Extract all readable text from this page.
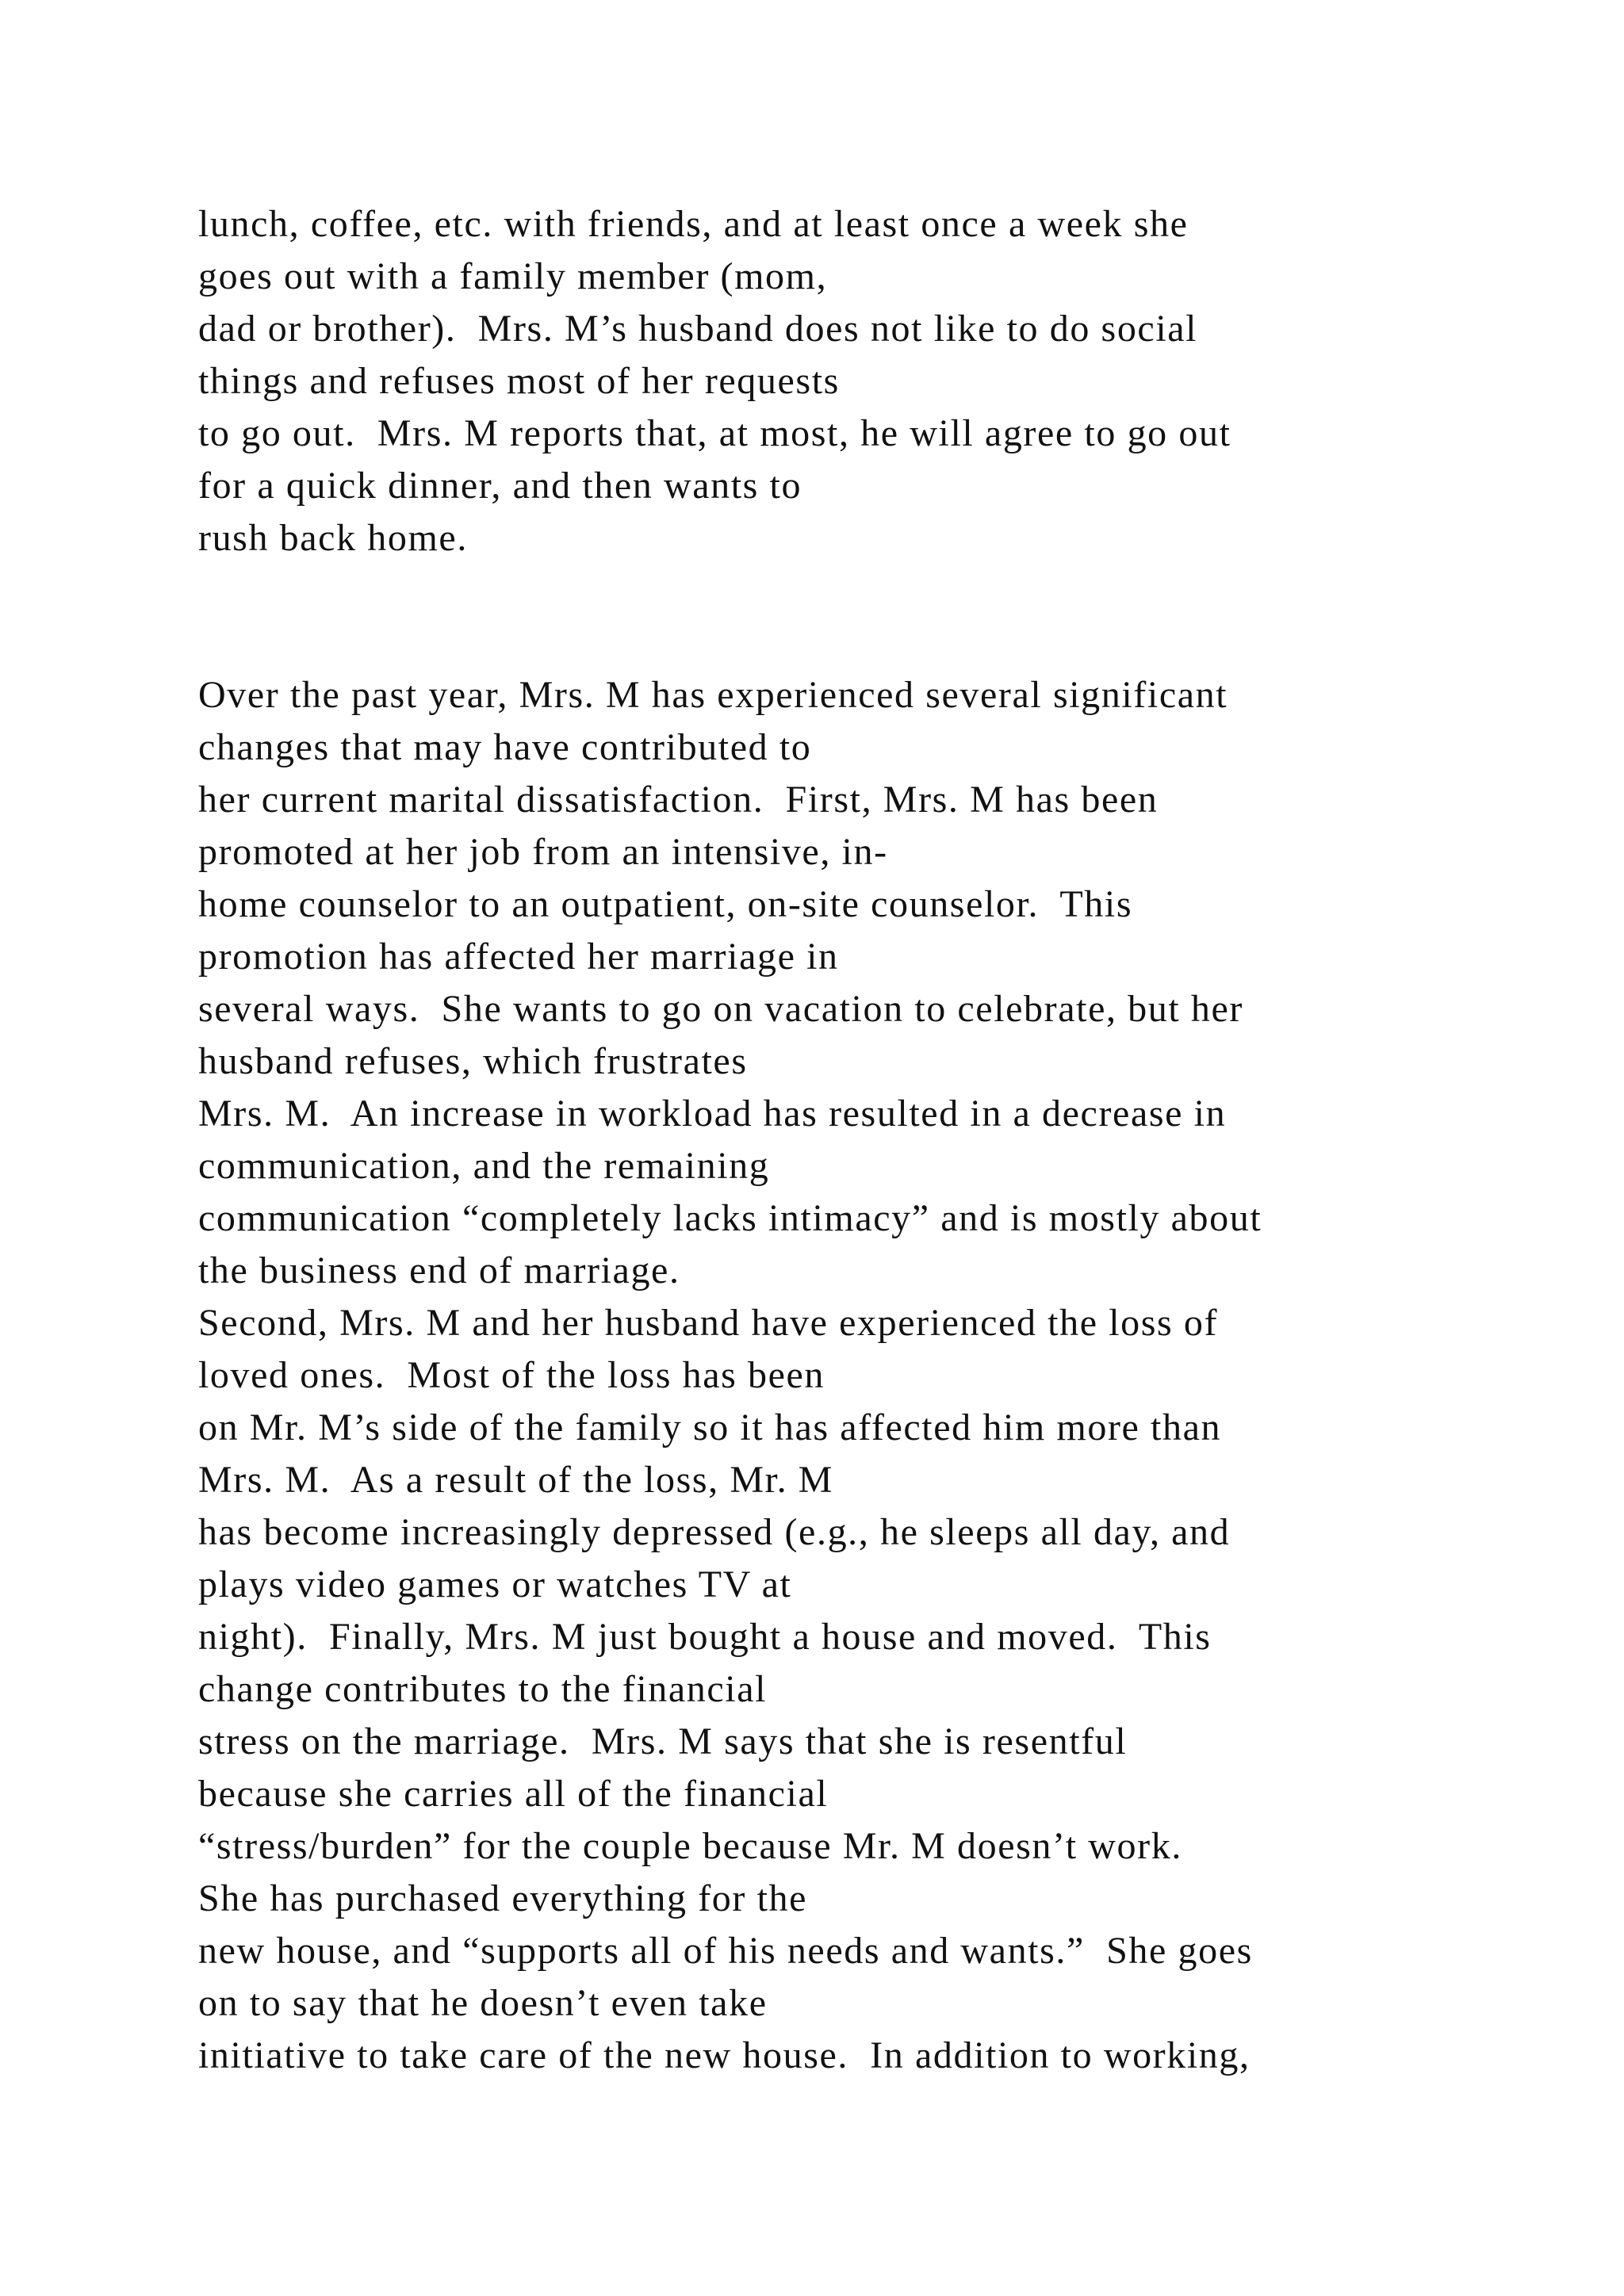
lunch, coffee, etc. with friends, and at least once a week she
goes out with a family member (mom,
dad or brother).  Mrs. M’s husband does not like to do social
things and refuses most of her requests
to go out.  Mrs. M reports that, at most, he will agree to go out
for a quick dinner, and then wants to
rush back home.
Over the past year, Mrs. M has experienced several significant
changes that may have contributed to
her current marital dissatisfaction.  First, Mrs. M has been
promoted at her job from an intensive, in-
home counselor to an outpatient, on-site counselor.  This
promotion has affected her marriage in
several ways.  She wants to go on vacation to celebrate, but her
husband refuses, which frustrates
Mrs. M.  An increase in workload has resulted in a decrease in
communication, and the remaining
communication “completely lacks intimacy” and is mostly about
the business end of marriage.
Second, Mrs. M and her husband have experienced the loss of
loved ones.  Most of the loss has been
on Mr. M’s side of the family so it has affected him more than
Mrs. M.  As a result of the loss, Mr. M
has become increasingly depressed (e.g., he sleeps all day, and
plays video games or watches TV at
night).  Finally, Mrs. M just bought a house and moved.  This
change contributes to the financial
stress on the marriage.  Mrs. M says that she is resentful
because she carries all of the financial
“stress/burden” for the couple because Mr. M doesn’t work.
She has purchased everything for the
new house, and “supports all of his needs and wants.”  She goes
on to say that he doesn’t even take
initiative to take care of the new house.  In addition to working,
